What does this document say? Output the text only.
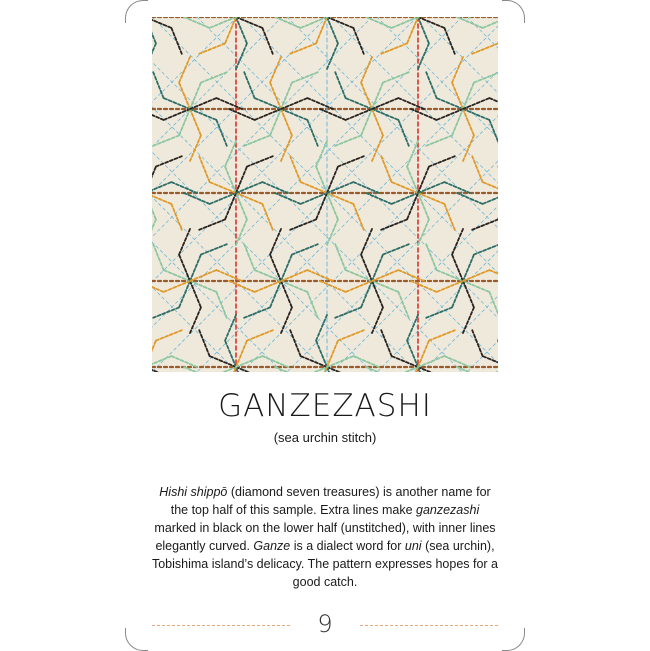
GANZEZASHI
(sea urchin stitch)

Hishi shippō (diamond seven treasures) is another name for the top half of this sample. Extra lines make ganzezashi marked in black on the lower half (unstitched), with inner lines elegantly curved. Ganze is a dialect word for uni (sea urchin), Tobishima island’s delicacy. The pattern expresses hopes for a good catch.

9
